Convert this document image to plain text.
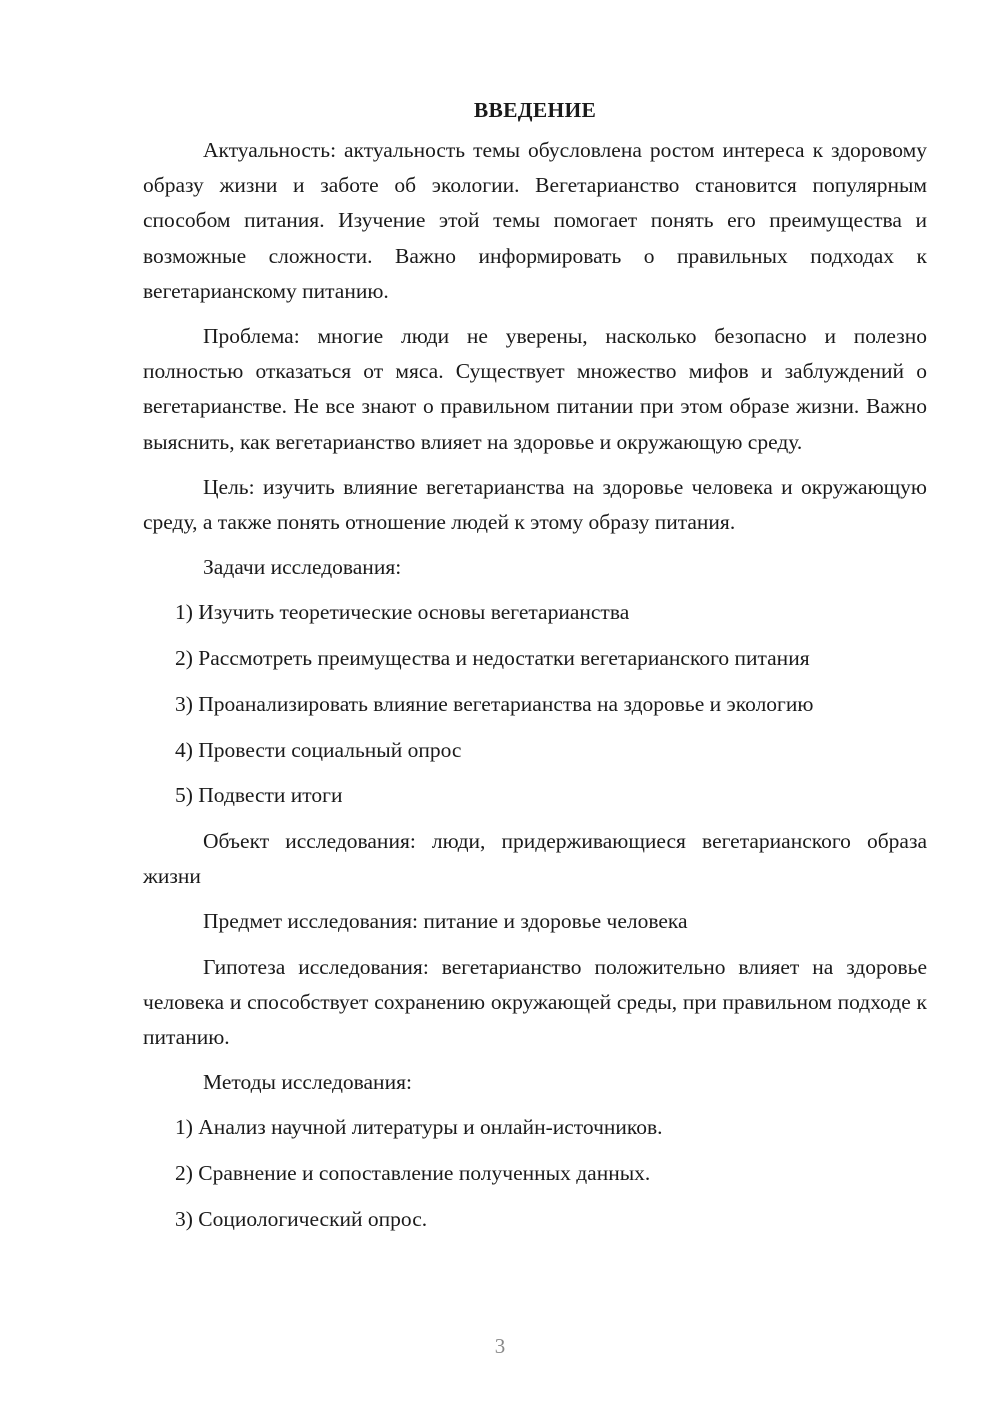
ВВЕДЕНИЕ

Актуальность: актуальность темы обусловлена ростом интереса к здоровому образу жизни и заботе об экологии. Вегетарианство становится популярным способом питания. Изучение этой темы помогает понять его преимущества и возможные сложности. Важно информировать о правильных подходах к вегетарианскому питанию.

Проблема: многие люди не уверены, насколько безопасно и полезно полностью отказаться от мяса. Существует множество мифов и заблуждений о вегетарианстве. Не все знают о правильном питании при этом образе жизни. Важно выяснить, как вегетарианство влияет на здоровье и окружающую среду.

Цель: изучить влияние вегетарианства на здоровье человека и окружающую среду, а также понять отношение людей к этому образу питания.

Задачи исследования:
1) Изучить теоретические основы вегетарианства
2) Рассмотреть преимущества и недостатки вегетарианского питания
3) Проанализировать влияние вегетарианства на здоровье и экологию
4) Провести социальный опрос
5) Подвести итоги

Объект исследования: люди, придерживающиеся вегетарианского образа жизни

Предмет исследования: питание и здоровье человека

Гипотеза исследования: вегетарианство положительно влияет на здоровье человека и способствует сохранению окружающей среды, при правильном подходе к питанию.

Методы исследования:
1) Анализ научной литературы и онлайн-источников.
2) Сравнение и сопоставление полученных данных.
3) Социологический опрос.
3
